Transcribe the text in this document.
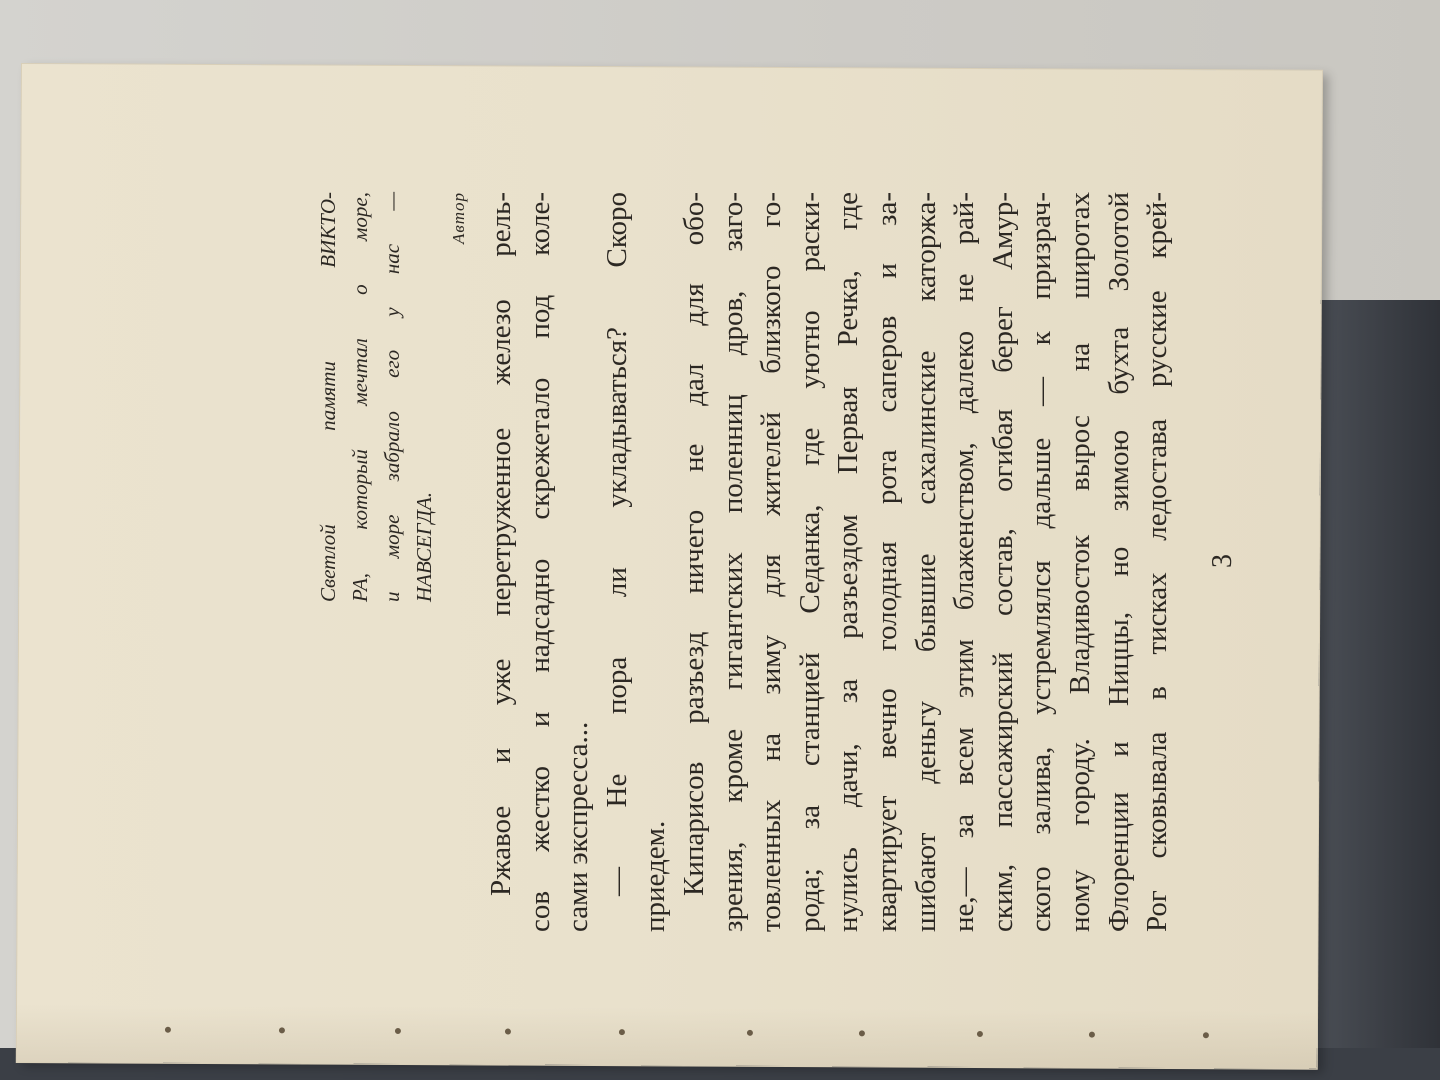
Светлой памяти ВИКТО- РА, который мечтал о море, и море забрало его у нас — НАВСЕГДА.
Автор Ржавое и уже перетруженное железо рель- сов жестко и надсадно скрежетало под коле- сами экспресса... — Не пора ли укладываться? Скоро приедем. Кипарисов разъезд ничего не дал для обо- зрения, кроме гигантских поленниц дров, заго- товленных на зиму для жителей близкого го- рода; за станцией Седанка, где уютно раски- нулись дачи, за разъездом Первая Речка, где квартирует вечно голодная рота саперов и за- шибают деньгу бывшие сахалинские каторжа- не,— за всем этим блаженством, далеко не рай- ским, пассажирский состав, огибая берег Амур- ского залива, устремлялся дальше — к призрач- ному городу. Владивосток вырос на широтах Флоренции и Ниццы, но зимою бухта Золотой Рог сковывала в тисках ледостава русские крей- 3
